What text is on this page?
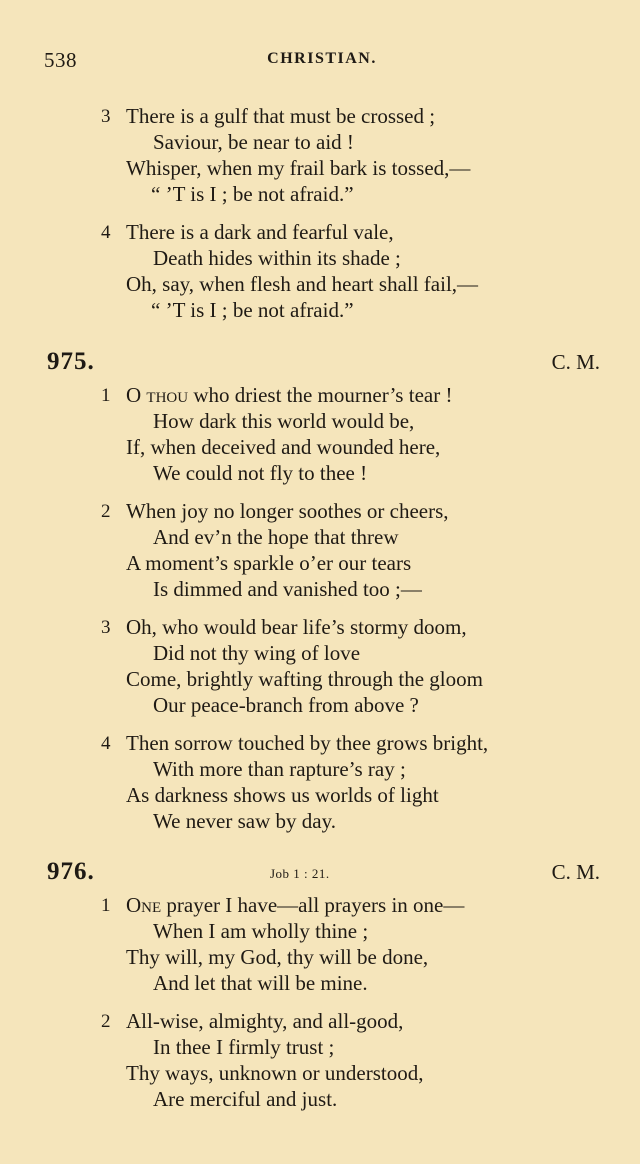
538	CHRISTIAN.
3 There is a gulf that must be crossed ;
Saviour, be near to aid !
Whisper, when my frail bark is tossed,—
“ ’T is I ; be not afraid.”
4 There is a dark and fearful vale,
Death hides within its shade ;
Oh, say, when flesh and heart shall fail,—
“ ’T is I ; be not afraid.”
975.	C. M.
1 O thou who driest the mourner’s tear !
How dark this world would be,
If, when deceived and wounded here,
We could not fly to thee !
2 When joy no longer soothes or cheers,
And ev’n the hope that threw
A moment’s sparkle o’er our tears
Is dimmed and vanished too ;—
3 Oh, who would bear life’s stormy doom,
Did not thy wing of love
Come, brightly wafting through the gloom
Our peace-branch from above ?
4 Then sorrow touched by thee grows bright,
With more than rapture’s ray ;
As darkness shows us worlds of light
We never saw by day.
976.	Job 1 : 21.	C. M.
1 One prayer I have—all prayers in one—
When I am wholly thine ;
Thy will, my God, thy will be done,
And let that will be mine.
2 All-wise, almighty, and all-good,
In thee I firmly trust ;
Thy ways, unknown or understood,
Are merciful and just.
